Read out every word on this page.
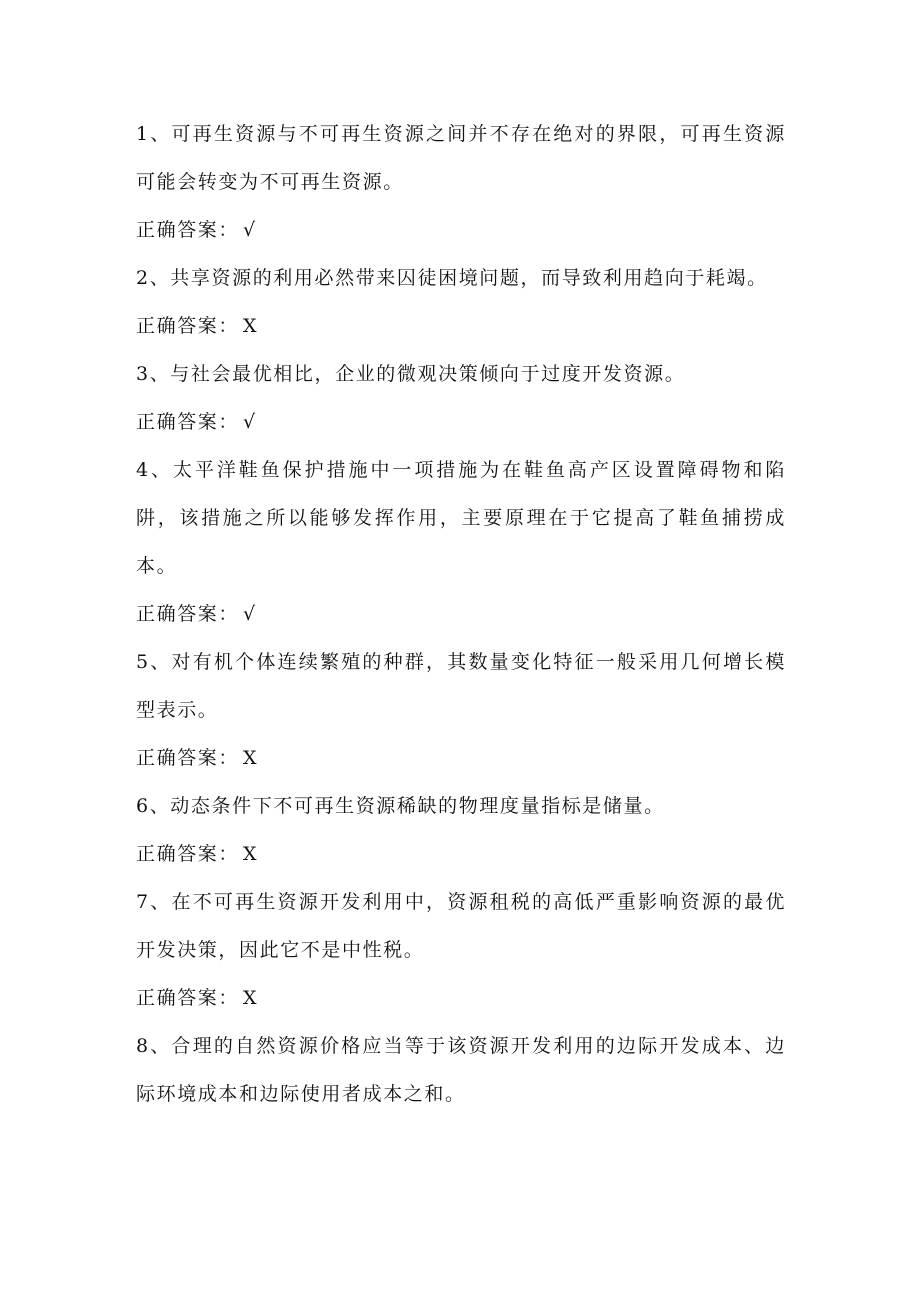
1、可再生资源与不可再生资源之间并不存在绝对的界限，可再生资源可能会转变为不可再生资源。

正确答案： √

2、共享资源的利用必然带来囚徒困境问题，而导致利用趋向于耗竭。

正确答案： X

3、与社会最优相比，企业的微观决策倾向于过度开发资源。

正确答案： √

4、太平洋鞋鱼保护措施中一项措施为在鞋鱼高产区设置障碍物和陷阱，该措施之所以能够发挥作用，主要原理在于它提高了鞋鱼捕捞成本。

正确答案： √

5、对有机个体连续繁殖的种群，其数量变化特征一般采用几何增长模型表示。

正确答案： X

6、动态条件下不可再生资源稀缺的物理度量指标是储量。

正确答案： X

7、在不可再生资源开发利用中，资源租税的高低严重影响资源的最优开发决策，因此它不是中性税。

正确答案： X

8、合理的自然资源价格应当等于该资源开发利用的边际开发成本、边际环境成本和边际使用者成本之和。
